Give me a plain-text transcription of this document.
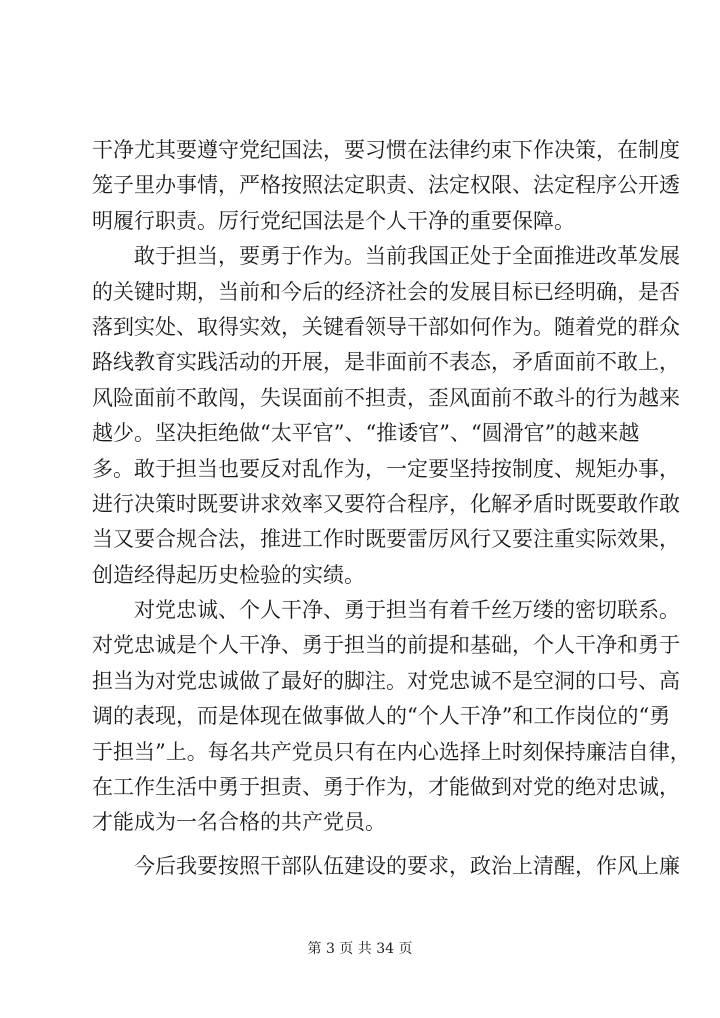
干净尤其要遵守党纪国法，要习惯在法律约束下作决策，在制度
笼子里办事情，严格按照法定职责、法定权限、法定程序公开透
明履行职责。厉行党纪国法是个人干净的重要保障。
　　敢于担当，要勇于作为。当前我国正处于全面推进改革发展
的关键时期，当前和今后的经济社会的发展目标已经明确，是否
落到实处、取得实效，关键看领导干部如何作为。随着党的群众
路线教育实践活动的开展，是非面前不表态，矛盾面前不敢上，
风险面前不敢闯，失误面前不担责，歪风面前不敢斗的行为越来
越少。坚决拒绝做“太平官”、“推诿官”、“圆滑官”的越来越
多。敢于担当也要反对乱作为，一定要坚持按制度、规矩办事，
进行决策时既要讲求效率又要符合程序，化解矛盾时既要敢作敢
当又要合规合法，推进工作时既要雷厉风行又要注重实际效果，
创造经得起历史检验的实绩。
　　对党忠诚、个人干净、勇于担当有着千丝万缕的密切联系。
对党忠诚是个人干净、勇于担当的前提和基础，个人干净和勇于
担当为对党忠诚做了最好的脚注。对党忠诚不是空洞的口号、高
调的表现，而是体现在做事做人的“个人干净”和工作岗位的“勇
于担当”上。每名共产党员只有在内心选择上时刻保持廉洁自律，
在工作生活中勇于担责、勇于作为，才能做到对党的绝对忠诚，
才能成为一名合格的共产党员。
　　今后我要按照干部队伍建设的要求，政治上清醒，作风上廉
第 3 页 共 34 页
